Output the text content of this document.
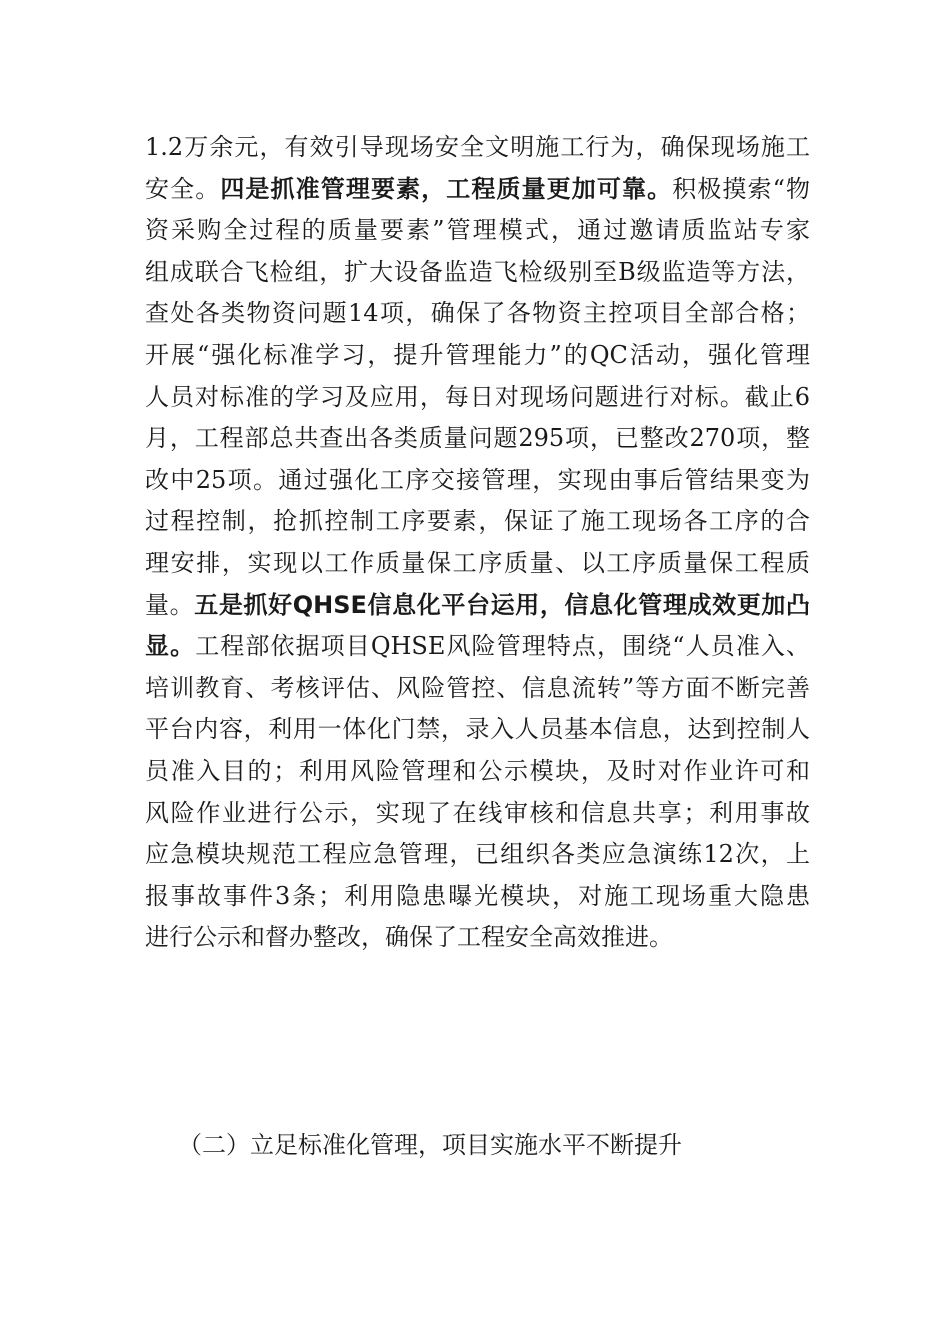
1.2万余元，有效引导现场安全文明施工行为，确保现场施工
安全。四是抓准管理要素，工程质量更加可靠。积极摸索“物
资采购全过程的质量要素”管理模式，通过邀请质监站专家
组成联合飞检组，扩大设备监造飞检级别至B级监造等方法，
查处各类物资问题14项，确保了各物资主控项目全部合格；
开展“强化标准学习，提升管理能力”的QC活动，强化管理
人员对标准的学习及应用，每日对现场问题进行对标。截止6
月，工程部总共查出各类质量问题295项，已整改270项，整
改中25项。通过强化工序交接管理，实现由事后管结果变为
过程控制，抢抓控制工序要素，保证了施工现场各工序的合
理安排，实现以工作质量保工序质量、以工序质量保工程质
量。五是抓好QHSE信息化平台运用，信息化管理成效更加凸
显。工程部依据项目QHSE风险管理特点，围绕“人员准入、
培训教育、考核评估、风险管控、信息流转”等方面不断完善
平台内容，利用一体化门禁，录入人员基本信息，达到控制人
员准入目的；利用风险管理和公示模块，及时对作业许可和
风险作业进行公示，实现了在线审核和信息共享；利用事故
应急模块规范工程应急管理，已组织各类应急演练12次，上
报事故事件3条；利用隐患曝光模块，对施工现场重大隐患
进行公示和督办整改，确保了工程安全高效推进。
（二）立足标准化管理，项目实施水平不断提升
